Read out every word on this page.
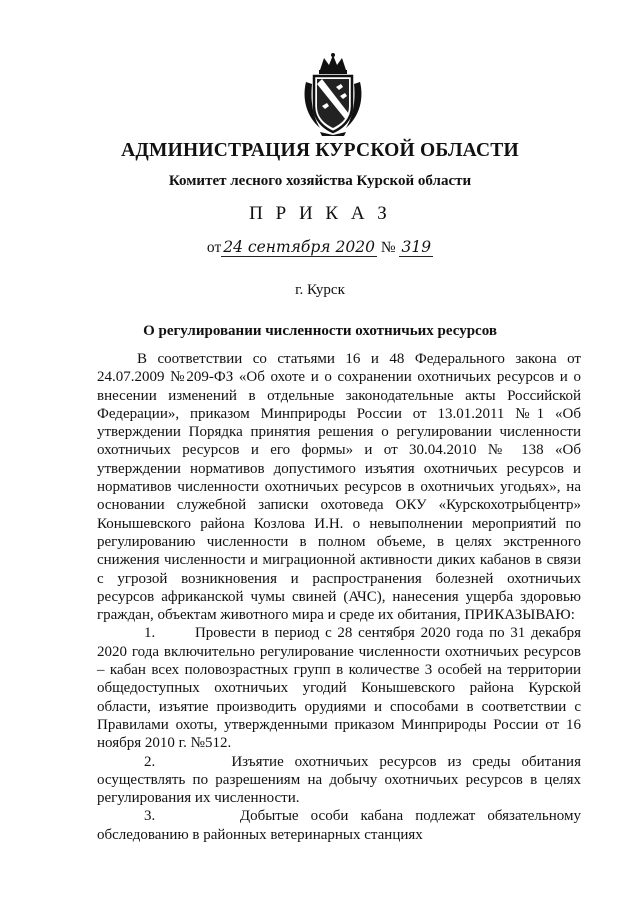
АДМИНИСТРАЦИЯ КУРСКОЙ ОБЛАСТИ
Комитет лесного хозяйства Курской области
П Р И К А З
от 24 сентября 2020 № 319
г. Курск
О регулировании численности охотничьих ресурсов

В соответствии со статьями 16 и 48 Федерального закона от 24.07.2009 №209-ФЗ «Об охоте и о сохранении охотничьих ресурсов и о внесении изменений в отдельные законодательные акты Российской Федерации», приказом Минприроды России от 13.01.2011 №1 «Об утверждении Порядка принятия решения о регулировании численности охотничьих ресурсов и его формы» и от 30.04.2010 № 138 «Об утверждении нормативов допустимого изъятия охотничьих ресурсов и нормативов численности охотничьих ресурсов в охотничьих угодьях», на основании служебной записки охотоведа ОКУ «Курскохотрыбцентр» Конышевского района Козлова И.Н. о невыполнении мероприятий по регулированию численности в полном объеме, в целях экстренного снижения численности и миграционной активности диких кабанов в связи с угрозой возникновения и распространения болезней охотничьих ресурсов африканской чумы свиней (АЧС), нанесения ущерба здоровью граждан, объектам животного мира и среде их обитания, ПРИКАЗЫВАЮ:

1.       Провести в период с 28 сентября 2020 года по 31 декабря 2020 года включительно регулирование численности охотничьих ресурсов – кабан всех половозрастных групп в количестве 3 особей на территории общедоступных охотничьих угодий Конышевского района Курской области, изъятие производить орудиями и способами в соответствии с Правилами охоты, утвержденными приказом Минприроды России от 16 ноября 2010 г. №512.

2.       Изъятие охотничьих ресурсов из среды обитания осуществлять по разрешениям на добычу охотничьих ресурсов в целях регулирования их численности.

3.       Добытые особи кабана подлежат обязательному обследованию в районных ветеринарных станциях
